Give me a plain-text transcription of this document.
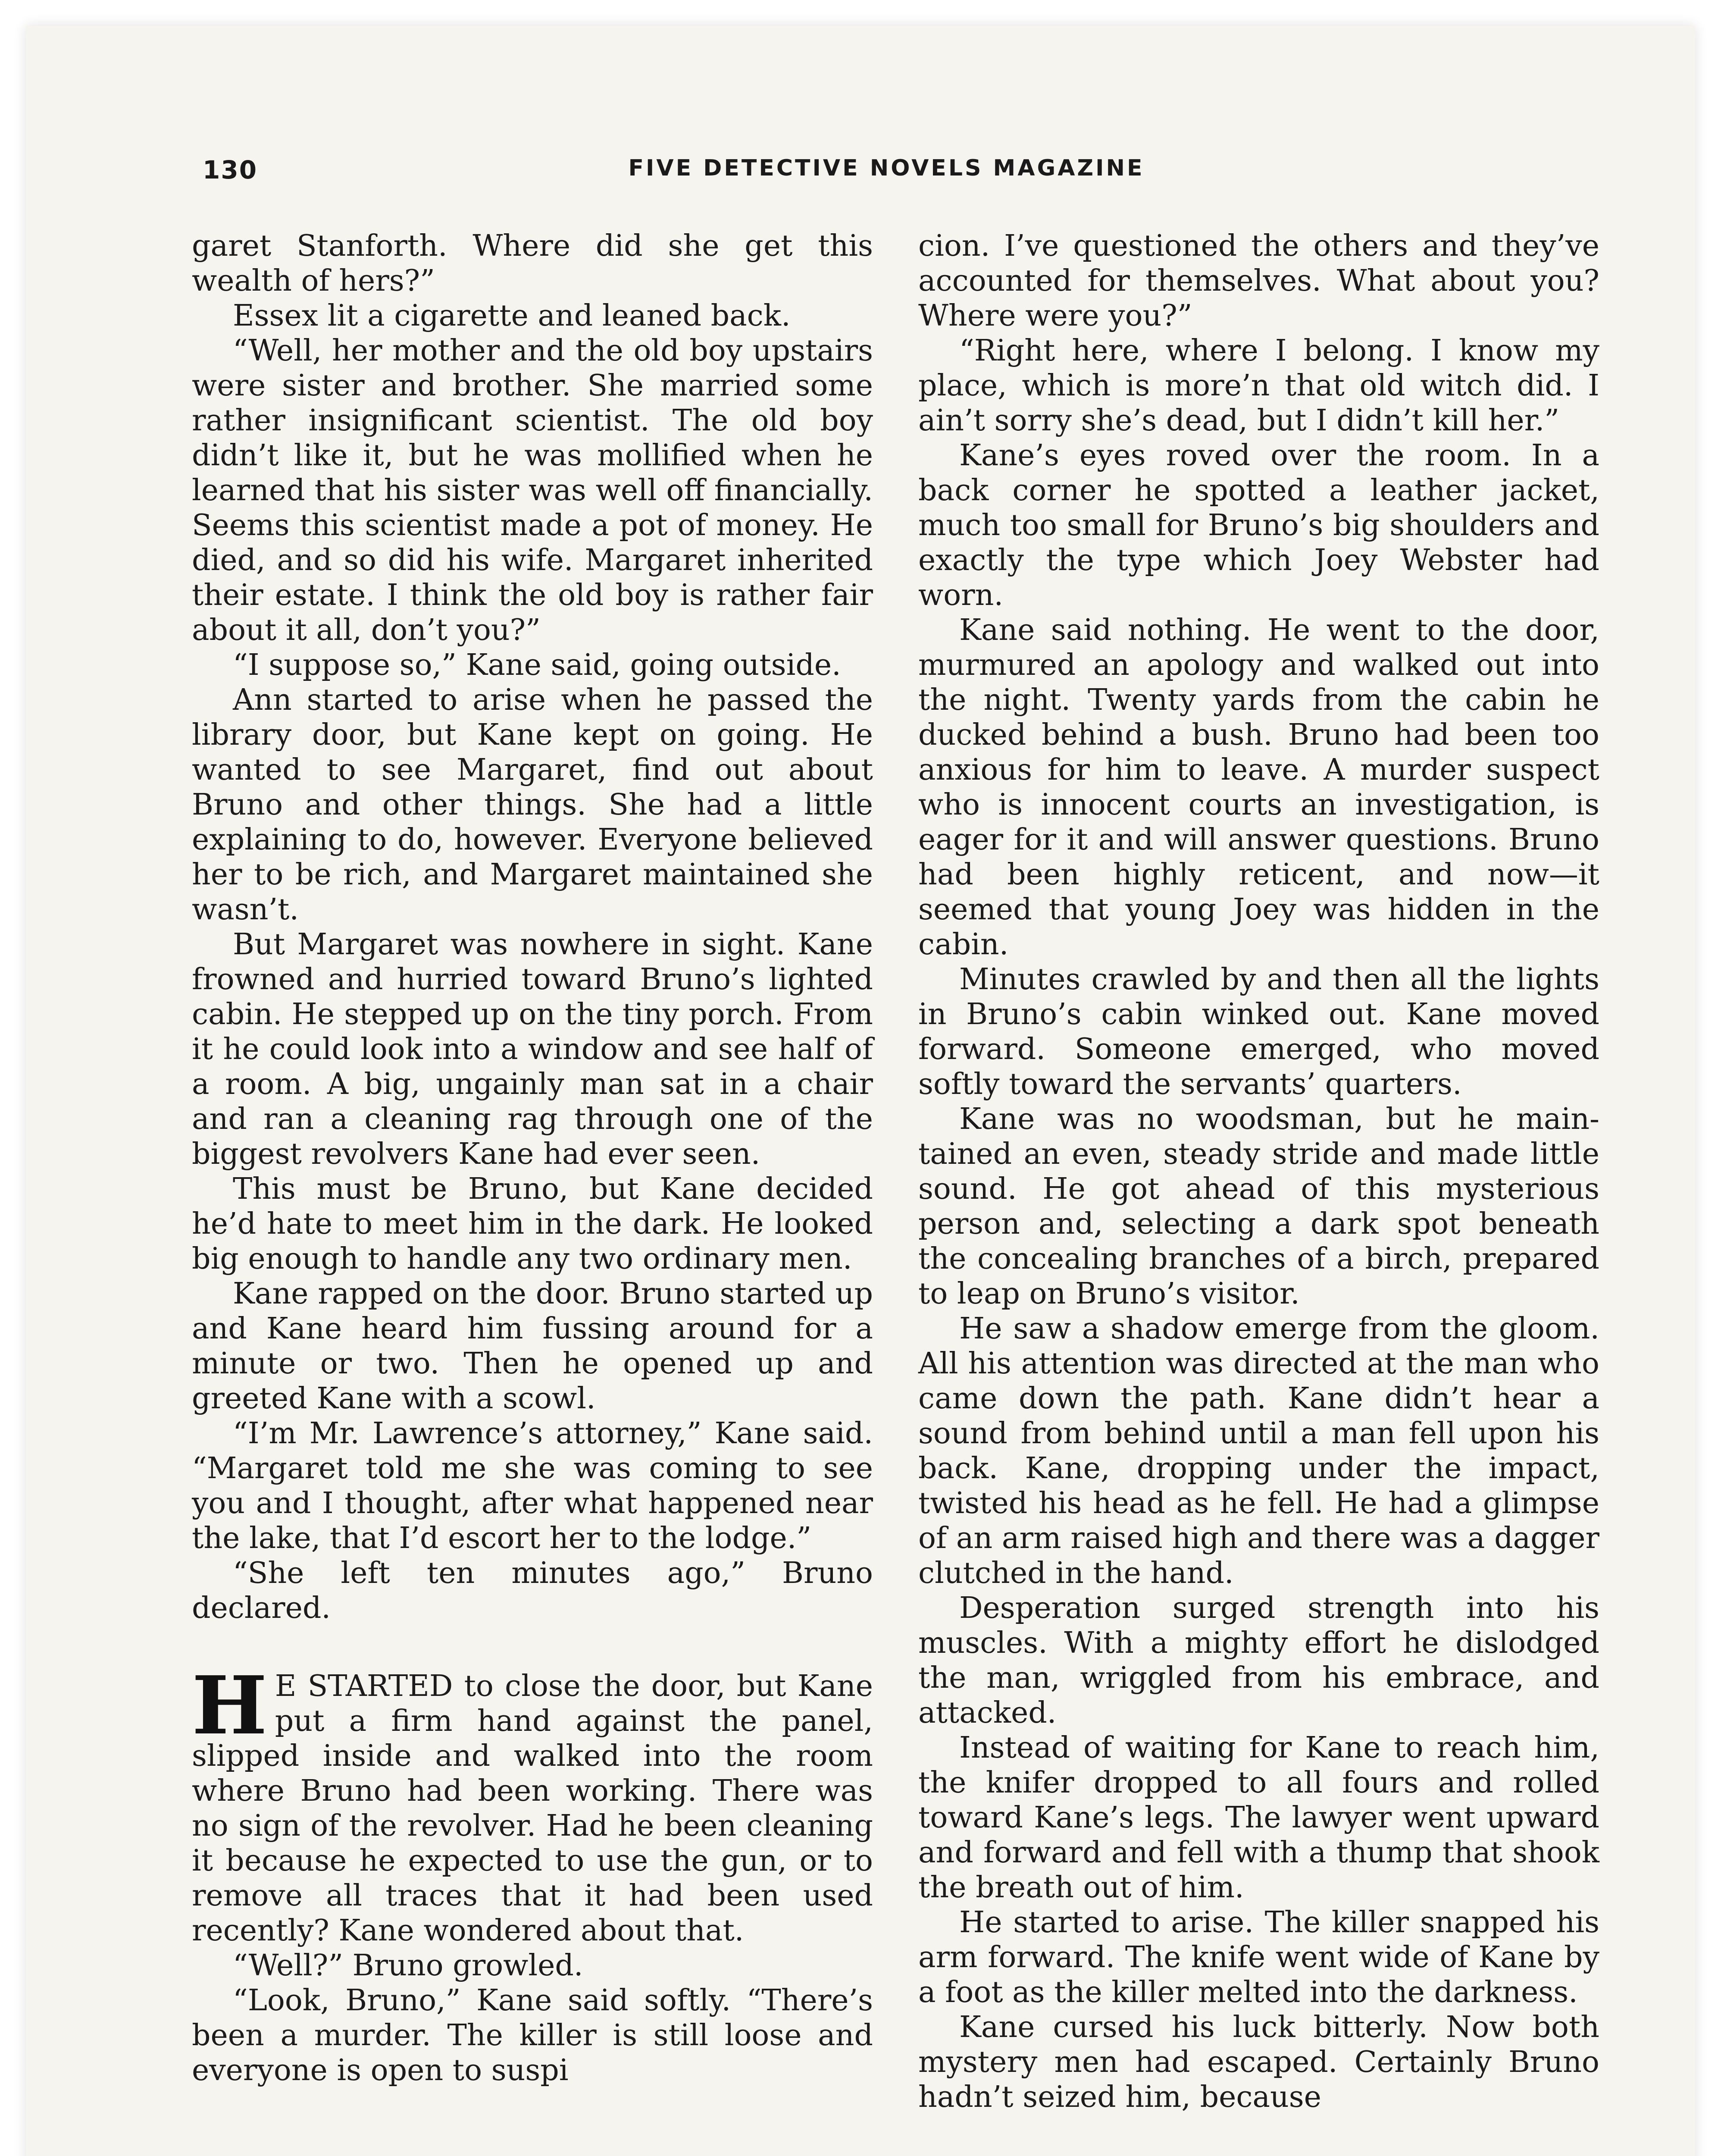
130	FIVE DETECTIVE NOVELS MAGAZINE

garet Stanforth. Where did she get this wealth of hers?”

Essex lit a cigarette and leaned back.

“Well, her mother and the old boy upstairs were sister and brother. She married some rather insignificant scientist. The old boy didn’t like it, but he was mollified when he learned that his sister was well off financially. Seems this scientist made a pot of money. He died, and so did his wife. Margaret inherited their estate. I think the old boy is rather fair about it all, don’t you?”

“I suppose so,” Kane said, going outside.

Ann started to arise when he passed the library door, but Kane kept on going. He wanted to see Margaret, find out about Bruno and other things. She had a little explaining to do, however. Everyone believed her to be rich, and Margaret maintained she wasn’t.

But Margaret was nowhere in sight. Kane frowned and hurried toward Bruno’s lighted cabin. He stepped up on the tiny porch. From it he could look into a window and see half of a room. A big, ungainly man sat in a chair and ran a cleaning rag through one of the biggest revolvers Kane had ever seen.

This must be Bruno, but Kane decided he’d hate to meet him in the dark. He looked big enough to handle any two ordinary men.

Kane rapped on the door. Bruno started up and Kane heard him fussing around for a minute or two. Then he opened up and greeted Kane with a scowl.

“I’m Mr. Lawrence’s attorney,” Kane said. “Margaret told me she was coming to see you and I thought, after what happened near the lake, that I’d escort her to the lodge.”

“She left ten minutes ago,” Bruno declared.

H E STARTED to close the door, but Kane put a firm hand against the panel, slipped inside and walked into the room where Bruno had been working. There was no sign of the revolver. Had he been cleaning it because he expected to use the gun, or to remove all traces that it had been used recently? Kane wondered about that.

“Well?” Bruno growled.

“Look, Bruno,” Kane said softly. “There’s been a murder. The killer is still loose and everyone is open to suspi

cion. I’ve questioned the others and they’ve accounted for themselves. What about you? Where were you?”

“Right here, where I belong. I know my place, which is more’n that old witch did. I ain’t sorry she’s dead, but I didn’t kill her.”

Kane’s eyes roved over the room. In a back corner he spotted a leather jacket, much too small for Bruno’s big shoulders and exactly the type which Joey Webster had worn.

Kane said nothing. He went to the door, murmured an apology and walked out into the night. Twenty yards from the cabin he ducked behind a bush. Bruno had been too anxious for him to leave. A murder suspect who is innocent courts an investigation, is eager for it and will answer questions. Bruno had been highly reticent, and now—it seemed that young Joey was hidden in the cabin.

Minutes crawled by and then all the lights in Bruno’s cabin winked out. Kane moved forward. Someone emerged, who moved softly toward the servants’ quarters.

Kane was no woodsman, but he maintained an even, steady stride and made little sound. He got ahead of this mysterious person and, selecting a dark spot beneath the concealing branches of a birch, prepared to leap on Bruno’s visitor.

He saw a shadow emerge from the gloom. All his attention was directed at the man who came down the path. Kane didn’t hear a sound from behind until a man fell upon his back. Kane, dropping under the impact, twisted his head as he fell. He had a glimpse of an arm raised high and there was a dagger clutched in the hand.

Desperation surged strength into his muscles. With a mighty effort he dislodged the man, wriggled from his embrace, and attacked.

Instead of waiting for Kane to reach him, the knifer dropped to all fours and rolled toward Kane’s legs. The lawyer went upward and forward and fell with a thump that shook the breath out of him.

He started to arise. The killer snapped his arm forward. The knife went wide of Kane by a foot as the killer melted into the darkness.

Kane cursed his luck bitterly. Now both mystery men had escaped. Certainly Bruno hadn’t seized him, because
